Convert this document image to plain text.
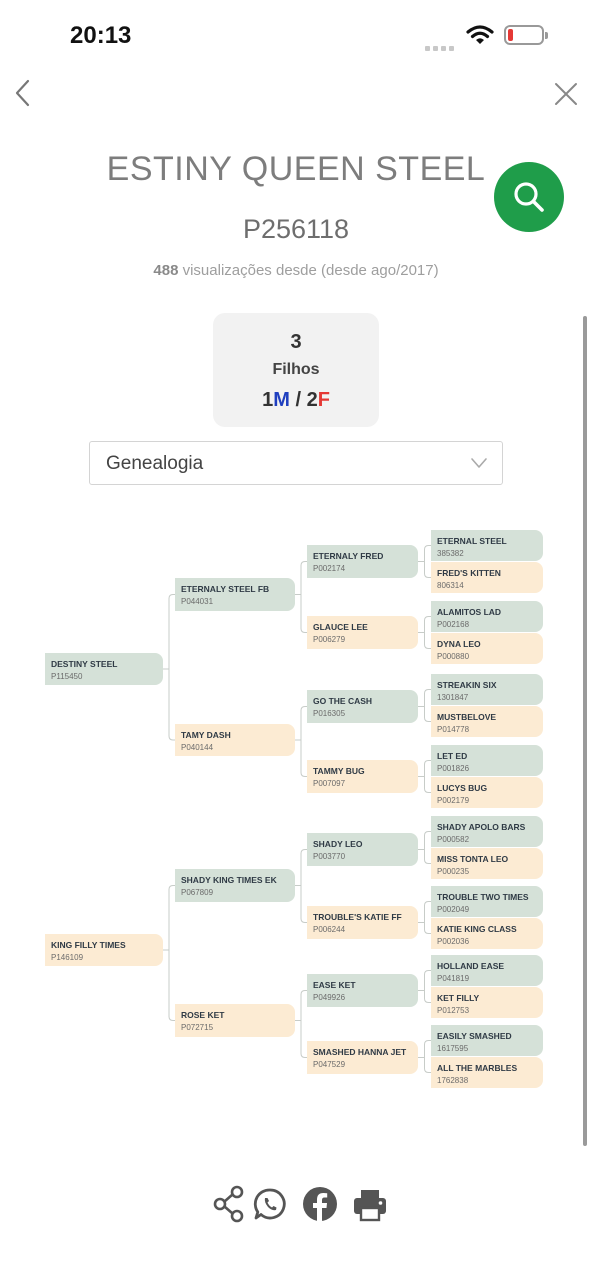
20:13
ESTINY QUEEN STEEL
P256118
488 visualizações desde (desde ago/2017)
3
Filhos
1M / 2F
Genealogia
DESTINY STEEL
P115450
ETERNALY STEEL FB
P044031
TAMY DASH
P040144
ETERNALY FRED
P002174
GLAUCE LEE
P006279
GO THE CASH
P016305
TAMMY BUG
P007097
ETERNAL STEEL
385382
FRED'S KITTEN
806314
ALAMITOS LAD
P002168
DYNA LEO
P000880
STREAKIN SIX
1301847
MUSTBELOVE
P014778
LET ED
P001826
LUCYS BUG
P002179
KING FILLY TIMES
P146109
SHADY KING TIMES EK
P067809
ROSE KET
P072715
SHADY LEO
P003770
TROUBLE'S KATIE FF
P006244
EASE KET
P049926
SMASHED HANNA JET
P047529
SHADY APOLO BARS
P000582
MISS TONTA LEO
P000235
TROUBLE TWO TIMES
P002049
KATIE KING CLASS
P002036
HOLLAND EASE
P041819
KET FILLY
P012753
EASILY SMASHED
1617595
ALL THE MARBLES
1762838
